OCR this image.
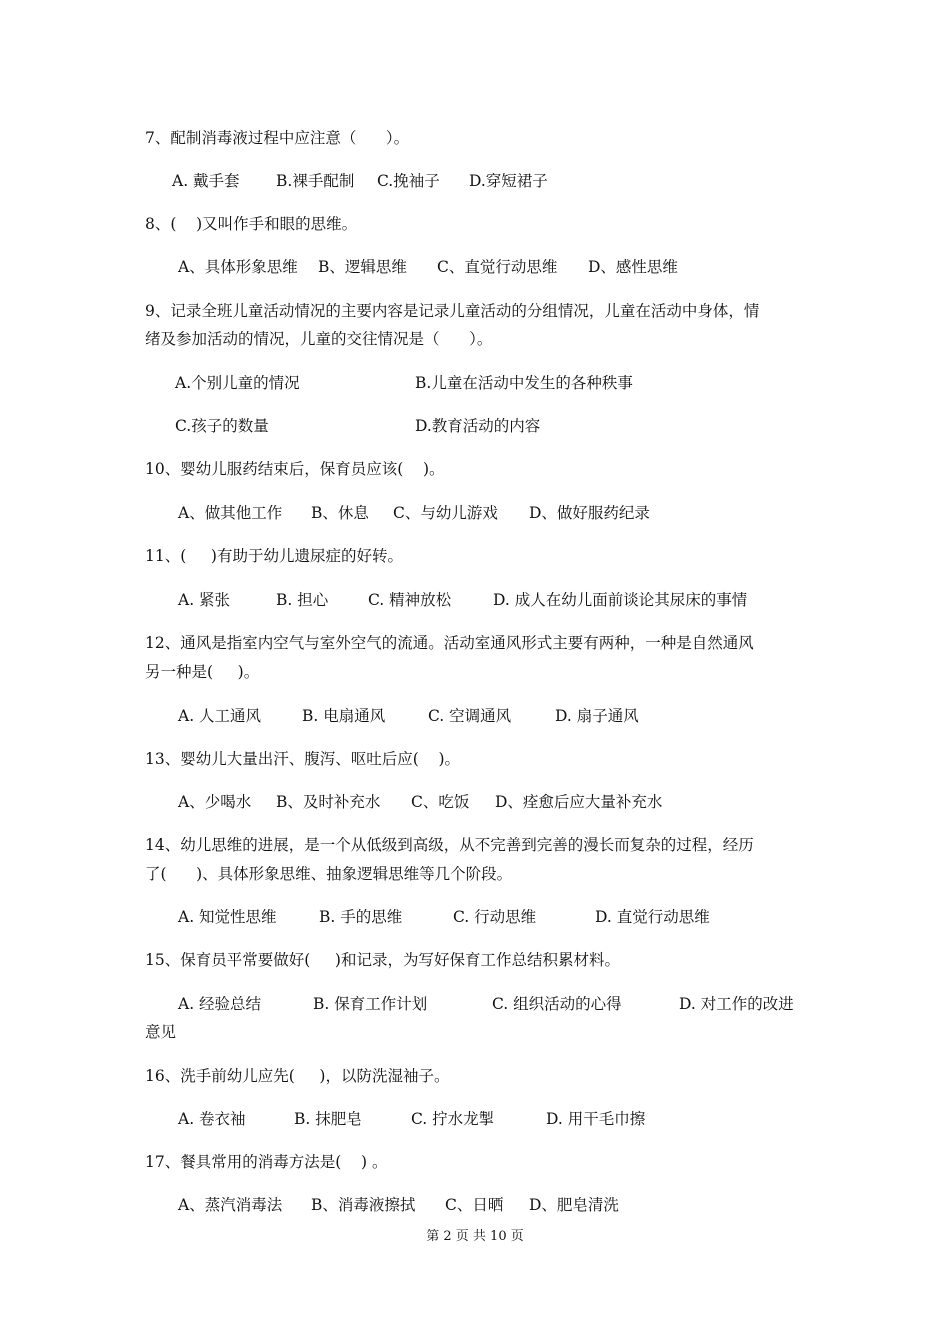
7、配制消毒液过程中应注意（      ）。
A. 戴手套 B.裸手配制 C.挽袖子 D.穿短裙子
8、(    )又叫作手和眼的思维。
A、具体形象思维 B、逻辑思维 C、直觉行动思维 D、感性思维
9、记录全班儿童活动情况的主要内容是记录儿童活动的分组情况，儿童在活动中身体，情
绪及参加活动的情况，儿童的交往情况是（      ）。
A.个别儿童的情况	B.儿童在活动中发生的各种秩事
C.孩子的数量	D.教育活动的内容
10、婴幼儿服药结束后，保育员应该(    )。
A、做其他工作 B、休息 C、与幼儿游戏 D、做好服药纪录
11、(     )有助于幼儿遗尿症的好转。
A. 紧张	B. 担心	C. 精神放松	D. 成人在幼儿面前谈论其尿床的事情
12、通风是指室内空气与室外空气的流通。活动室通风形式主要有两种，一种是自然通风
另一种是(     )。
A. 人工通风	B. 电扇通风	C. 空调通风	D. 扇子通风
13、婴幼儿大量出汗、腹泻、呕吐后应(    )。
A、少喝水 B、及时补充水 C、吃饭 D、痊愈后应大量补充水
14、幼儿思维的进展，是一个从低级到高级，从不完善到完善的漫长而复杂的过程，经历
了(      )、具体形象思维、抽象逻辑思维等几个阶段。
A. 知觉性思维	B. 手的思维	C. 行动思维	D. 直觉行动思维
15、保育员平常要做好(     )和记录，为写好保育工作总结积累材料。
A. 经验总结	B. 保育工作计划	C. 组织活动的心得	D. 对工作的改进
意见
16、洗手前幼儿应先(     )，以防洗湿袖子。
A. 卷衣袖	B. 抹肥皂	C. 拧水龙掣	D. 用干毛巾擦
17、餐具常用的消毒方法是(    ) 。
A、蒸汽消毒法 B、消毒液擦拭 C、日晒 D、肥皂清洗
第 2 页 共 10 页
